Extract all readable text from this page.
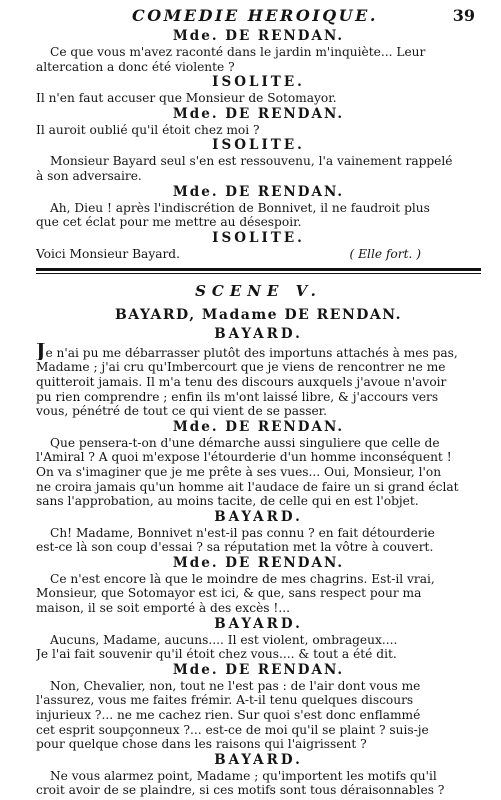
COMEDIE HEROIQUE.	39

Mde. DE RENDAN.

Ce que vous m'avez raconté dans le jardin m'inquiète... Leur

altercation a donc été violente ?

ISOLITE.

Il n'en faut accuser que Monsieur de Sotomayor.

Mde. DE RENDAN.

Il auroit oublié qu'il étoit chez moi ?

ISOLITE.

Monsieur Bayard seul s'en est ressouvenu, l'a vainement rappelé

à son adversaire.

Mde. DE RENDAN.

Ah, Dieu ! après l'indiscrétion de Bonnivet, il ne faudroit plus

que cet éclat pour me mettre au désespoir.

ISOLITE.

Voici Monsieur Bayard.	( Elle fort. )

SCENE V.

BAYARD, Madame DE RENDAN.

BAYARD.

Je n'ai pu me débarrasser plutôt des importuns attachés à mes pas,

Madame ; j'ai cru qu'Imbercourt que je viens de rencontrer ne me

quitteroit jamais. Il m'a tenu des discours auxquels j'avoue n'avoir

pu rien comprendre ; enfin ils m'ont laissé libre, & j'accours vers

vous, pénétré de tout ce qui vient de se passer.

Mde. DE RENDAN.

Que pensera-t-on d'une démarche aussi singuliere que celle de

l'Amiral ? A quoi m'expose l'étourderie d'un homme inconséquent !

On va s'imaginer que je me prête à ses vues... Oui, Monsieur, l'on

ne croira jamais qu'un homme ait l'audace de faire un si grand éclat

sans l'approbation, au moins tacite, de celle qui en est l'objet.

BAYARD.

Ch! Madame, Bonnivet n'est-il pas connu ? en fait détourderie

est-ce là son coup d'essai ? sa réputation met la vôtre à couvert.

Mde. DE RENDAN.

Ce n'est encore là que le moindre de mes chagrins. Est-il vrai,

Monsieur, que Sotomayor est ici, & que, sans respect pour ma

maison, il se soit emporté à des excès !...

BAYARD.

Aucuns, Madame, aucuns.... Il est violent, ombrageux....

Je l'ai fait souvenir qu'il étoit chez vous.... & tout a été dit.

Mde. DE RENDAN.

Non, Chevalier, non, tout ne l'est pas : de l'air dont vous me

l'assurez, vous me faites frémir. A-t-il tenu quelques discours

injurieux ?... ne me cachez rien. Sur quoi s'est donc enflammé

cet esprit soupçonneux ?... est-ce de moi qu'il se plaint ? suis-je

pour quelque chose dans les raisons qui l'aigrissent ?

BAYARD.

Ne vous alarmez point, Madame ; qu'importent les motifs qu'il

croit avoir de se plaindre, si ces motifs sont tous déraisonnables ?
